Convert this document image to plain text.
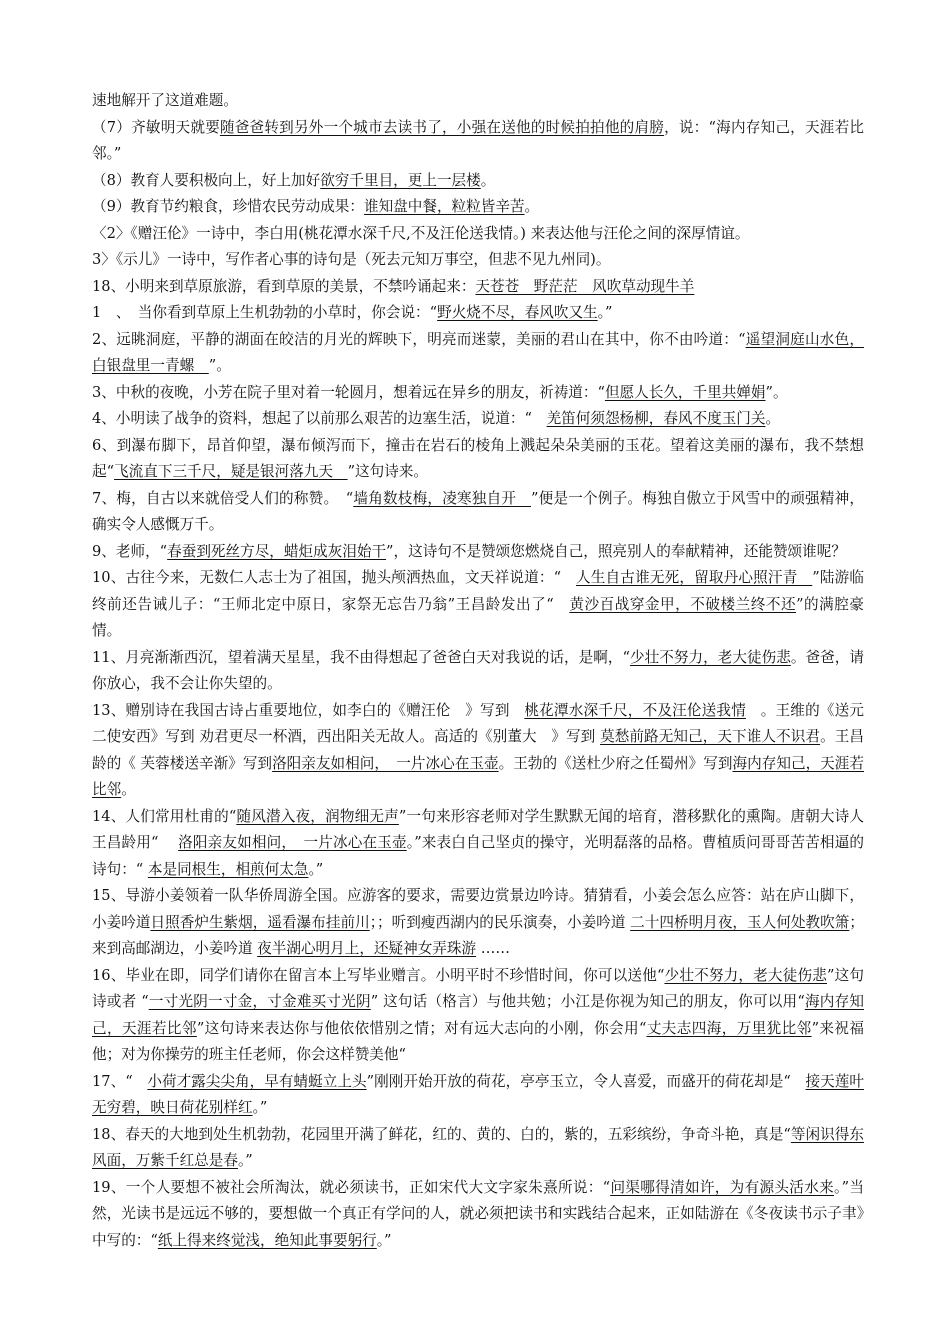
速地解开了这道难题。

（7）齐敏明天就要随爸爸转到另外一个城市去读书了，小强在送他的时候拍拍他的肩膀，说：“海内存知己，天涯若比邻。”

（8）教育人要积极向上，好上加好欲穷千里目，更上一层楼。

（9）教育节约粮食，珍惜农民劳动成果：谁知盘中餐，粒粒皆辛苦。

〈2〉《赠汪伦》一诗中，李白用(桃花潭水深千尺,不及汪伦送我情。) 来表达他与汪伦之间的深厚情谊。

3〉《示儿》一诗中，写作者心事的诗句是（死去元知万事空，但悲不见九州同)。

18、小明来到草原旅游，看到草原的美景，不禁吟诵起来：天苍苍　野茫茫　风吹草动现牛羊

1　、　当你看到草原上生机勃勃的小草时，你会说：“野火烧不尽，春风吹又生。”

2、远眺洞庭，平静的湖面在皎洁的月光的辉映下，明亮而迷蒙，美丽的君山在其中，你不由吟道：“遥望洞庭山水色，白银盘里一青螺　”。

3、中秋的夜晚，小芳在院子里对着一轮圆月，想着远在异乡的朋友，祈祷道：“但愿人长久，千里共婵娟”。

4、小明读了战争的资料，想起了以前那么艰苦的边塞生活，说道：“　羌笛何须怨杨柳，春风不度玉门关。

6、到瀑布脚下，昂首仰望，瀑布倾泻而下，撞击在岩石的棱角上溅起朵朵美丽的玉花。望着这美丽的瀑布，我不禁想起“飞流直下三千尺，疑是银河落九天　”这句诗来。

7、梅，自古以来就倍受人们的称赞。　“墙角数枝梅，凌寒独自开　”便是一个例子。梅独自傲立于风雪中的顽强精神，确实令人感慨万千。

9、老师，“春蚕到死丝方尽，蜡炬成灰泪始干”，这诗句不是赞颂您燃烧自己，照亮别人的奉献精神，还能赞颂谁呢？

10、古往今来，无数仁人志士为了祖国，抛头颅洒热血，文天祥说道：“　人生自古谁无死，留取丹心照汗青　”陆游临终前还告诫儿子：“王师北定中原日，家祭无忘告乃翁”王昌龄发出了“　黄沙百战穿金甲，不破楼兰终不还”的满腔豪情。

11、月亮渐渐西沉，望着满天星星，我不由得想起了爸爸白天对我说的话，是啊，“少壮不努力，老大徒伤悲。爸爸，请你放心，我不会让你失望的。

13、赠别诗在我国古诗占重要地位，如李白的《赠汪伦　》写到　桃花潭水深千尺，不及汪伦送我情　。王维的《送元二使安西》写到 劝君更尽一杯酒，西出阳关无故人。高适的《别董大　》写到 莫愁前路无知己，天下谁人不识君。王昌龄的《 芙蓉楼送辛渐》写到洛阳亲友如相问，　一片冰心在玉壶。王勃的《送杜少府之任蜀州》写到海内存知己，天涯若比邻。

14、人们常用杜甫的“随风潜入夜，润物细无声”一句来形容老师对学生默默无闻的培育，潜移默化的熏陶。唐朝大诗人王昌龄用“　 洛阳亲友如相问，　一片冰心在玉壶。”来表白自己坚贞的操守，光明磊落的品格。曹植质问哥哥苦苦相逼的诗句：“ 本是同根生，相煎何太急。”

15、导游小姜领着一队华侨周游全国。应游客的要求，需要边赏景边吟诗。猜猜看，小姜会怎么应答：站在庐山脚下，小姜吟道日照香炉生紫烟，遥看瀑布挂前川；；听到瘦西湖内的民乐演奏，小姜吟道 二十四桥明月夜，玉人何处教吹箫；来到高邮湖边，小姜吟道 夜半湖心明月上，还疑神女弄珠游 ……

16、毕业在即，同学们请你在留言本上写毕业赠言。小明平时不珍惜时间，你可以送他“少壮不努力，老大徒伤悲”这句诗或者 “一寸光阴一寸金，寸金难买寸光阴” 这句话（格言）与他共勉；小江是你视为知己的朋友，你可以用“海内存知己，天涯若比邻”这句诗来表达你与他依依惜别之情；对有远大志向的小刚，你会用“丈夫志四海，万里犹比邻”来祝福他；对为你操劳的班主任老师，你会这样赞美他“

17、“　小荷才露尖尖角，早有蜻蜓立上头”刚刚开始开放的荷花，亭亭玉立，令人喜爱，而盛开的荷花却是“　接天莲叶无穷碧，映日荷花别样红。”

18、春天的大地到处生机勃勃，花园里开满了鲜花，红的、黄的、白的，紫的，五彩缤纷，争奇斗艳，真是“等闲识得东风面，万紫千红总是春。”

19、一个人要想不被社会所淘汰，就必须读书，正如宋代大文字家朱熹所说：“问渠哪得清如许，为有源头活水来。”当然，光读书是远远不够的，要想做一个真正有学问的人，就必须把读书和实践结合起来，正如陆游在《冬夜读书示子聿》中写的：“纸上得来终觉浅，绝知此事要躬行。”
